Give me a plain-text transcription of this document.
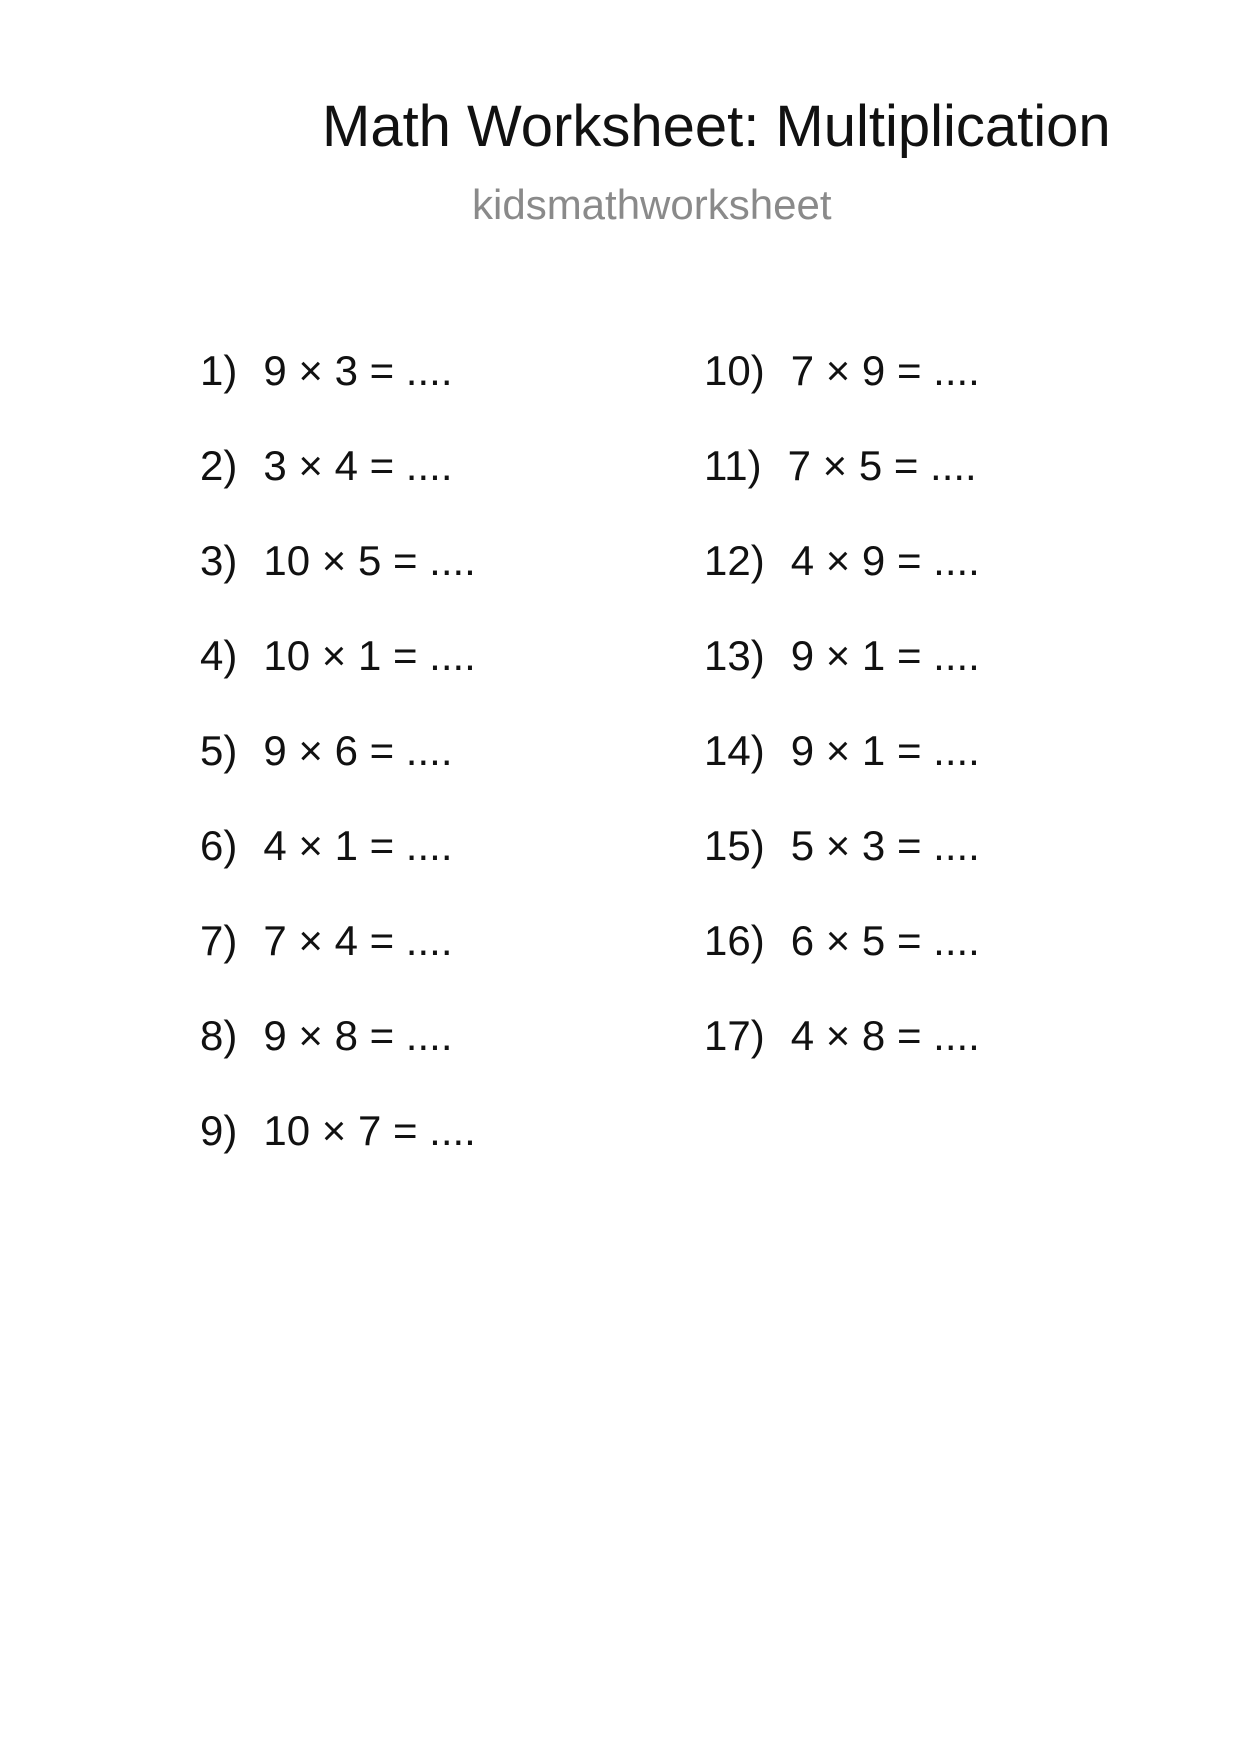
Math Worksheet: Multiplication
kidsmathworksheet
1) 9 × 3 = ....
2) 3 × 4 = ....
3) 10 × 5 = ....
4) 10 × 1 = ....
5) 9 × 6 = ....
6) 4 × 1 = ....
7) 7 × 4 = ....
8) 9 × 8 = ....
9) 10 × 7 = ....
10) 7 × 9 = ....
11) 7 × 5 = ....
12) 4 × 9 = ....
13) 9 × 1 = ....
14) 9 × 1 = ....
15) 5 × 3 = ....
16) 6 × 5 = ....
17) 4 × 8 = ....
